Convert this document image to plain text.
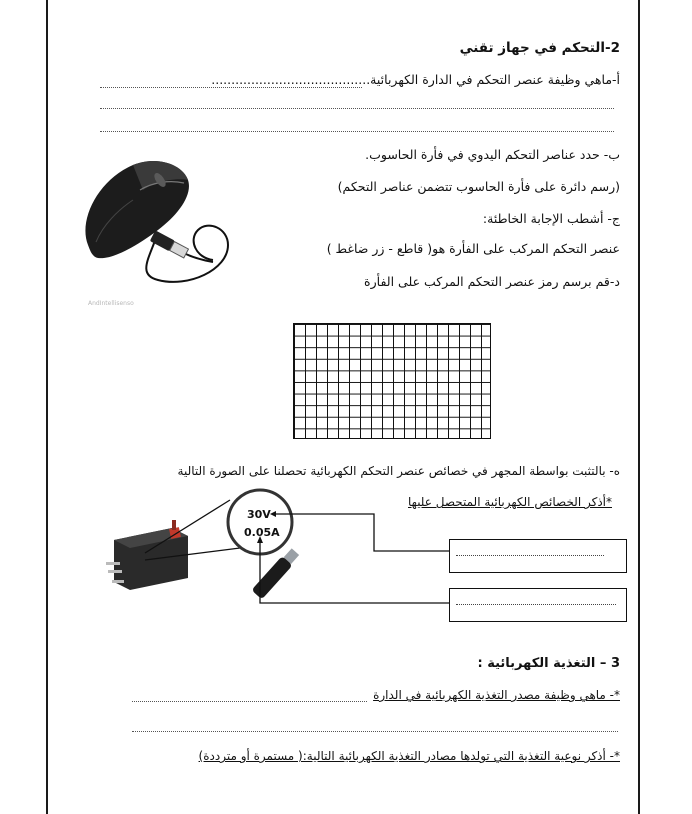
2-التحكم في جهاز تقني
أ-ماهي وظيفة عنصر التحكم في الدارة الكهربائية........................................
ب- حدد عناصر التحكم اليدوي في فأرة الحاسوب.
(رسم دائرة على فأرة الحاسوب تتضمن عناصر التحكم)
ج- أشطب الإجابة الخاطئة:
عنصر التحكم المركب على الفأرة هو( قاطع - زر ضاغط )
د-قم برسم رمز عنصر التحكم المركب على الفأرة
AndIntellisenso
ه- بالتثبت بواسطة المجهر في خصائص عنصر التحكم الكهربائية تحصلنا على الصورة التالية
*أذكر الخصائص الكهربائية المتحصل عليها
30V
0.05A
3 – التغذية الكهربائية :
*- ماهي وظيفة مصدر التغذية الكهربائية في الدارة
*- أذكر نوعية التغذية التي تولدها مصادر التغذية الكهربائية التالية:( مستمرة أو مترددة)
